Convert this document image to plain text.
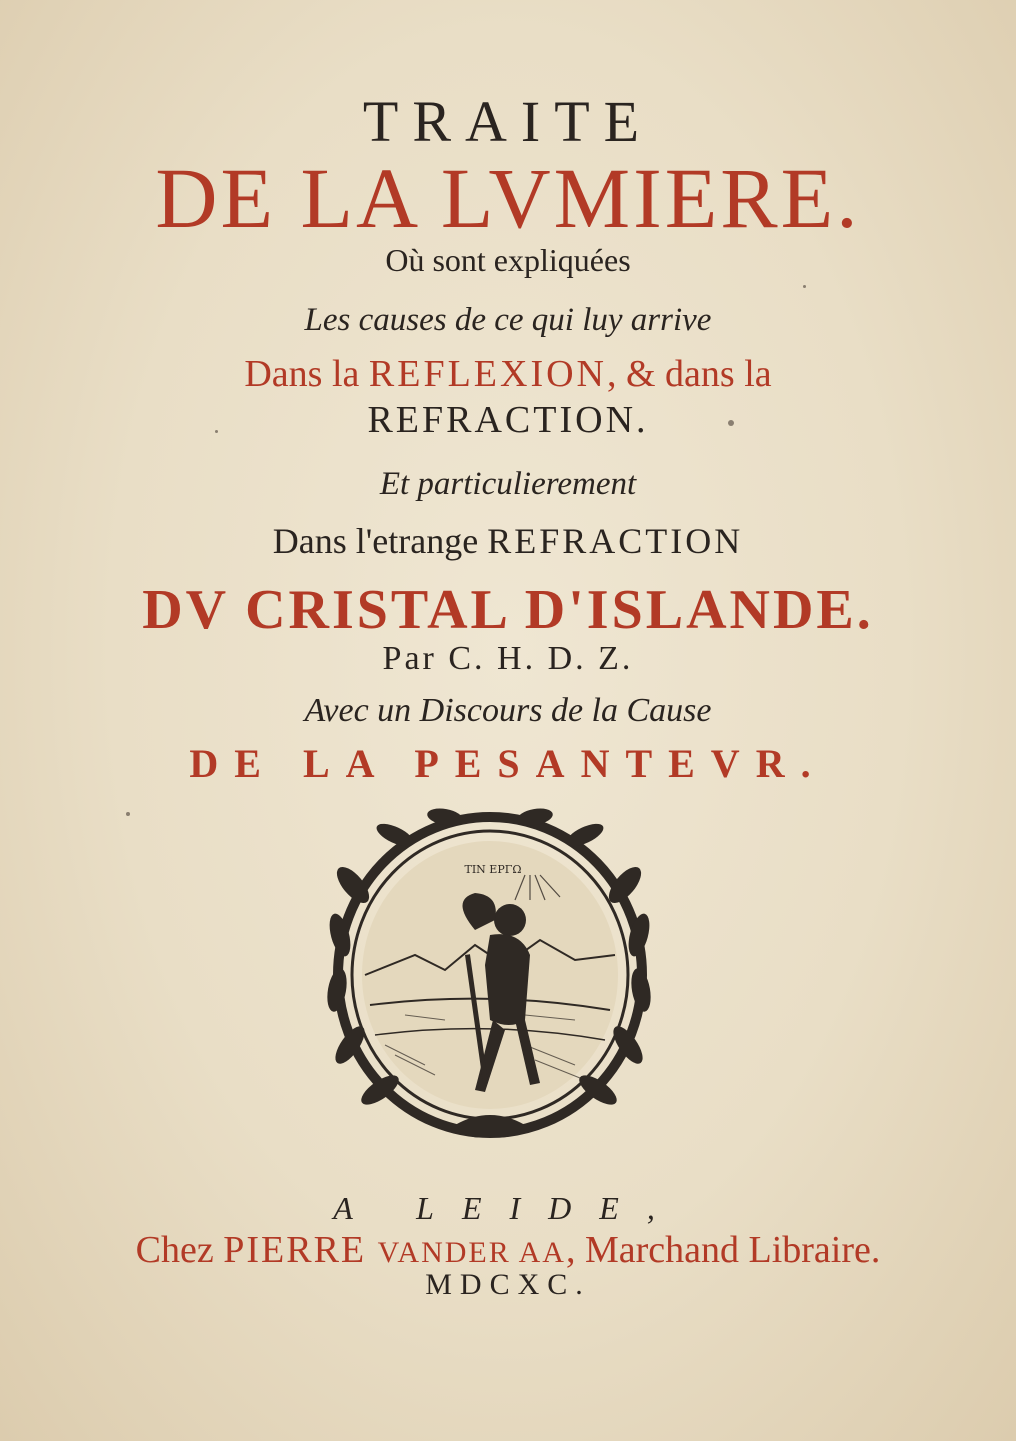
TRAITE
DE LA LVMIERE.
Où sont expliquées
Les causes de ce qui luy arrive
Dans la REFLEXION, & dans la
REFRACTION.
Et particulierement
Dans l'etrange REFRACTION
DV CRISTAL D'ISLANDE.
Par C. H. D. Z.
Avec un Discours de la Cause
DE LA PESANTEVR.
ΤΙΝ ΕΡΓΩ
A LEIDE,
Chez PIERRE VANDER AA, Marchand Libraire.
MDCXC.
